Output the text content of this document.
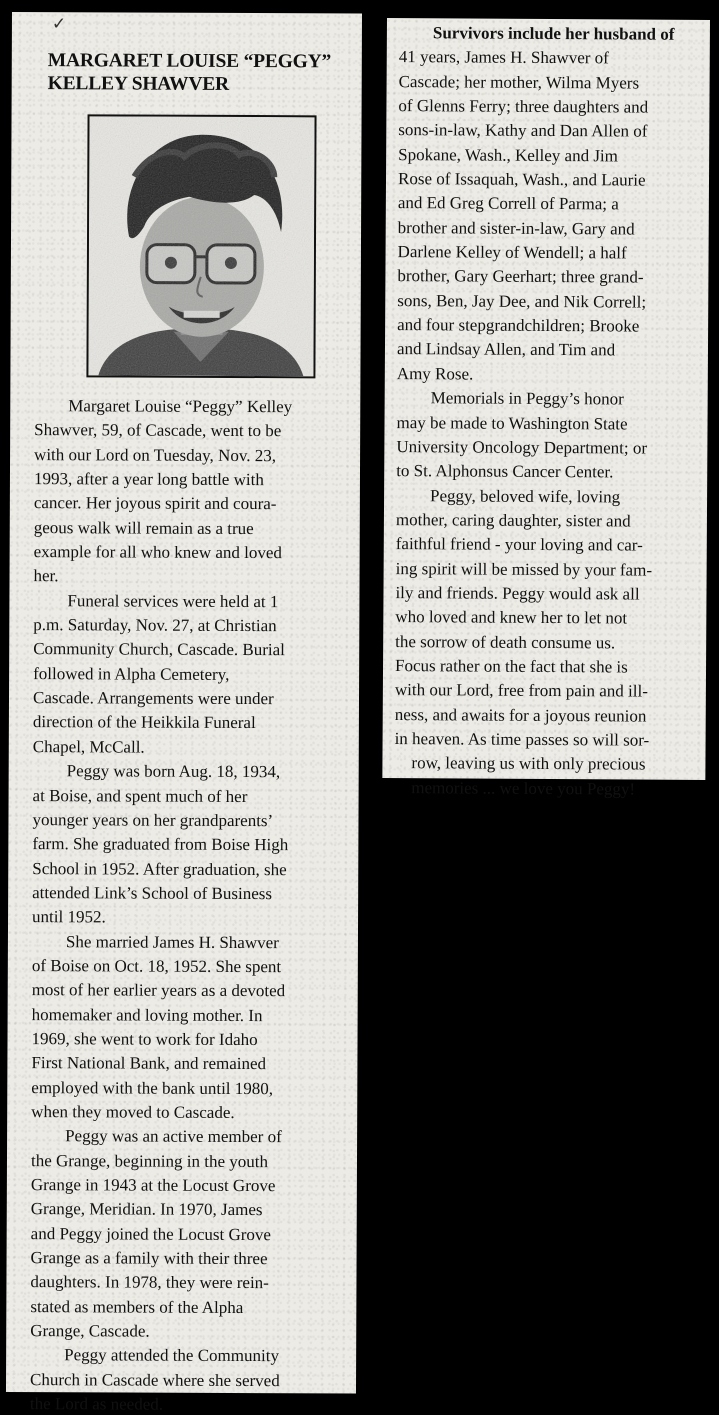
✓
MARGARET LOUISE “PEGGY”
KELLEY SHAWVER
  Margaret Louise “Peggy” Kelley
Shawver, 59, of Cascade, went to be
with our Lord on Tuesday, Nov. 23,
1993, after a year long battle with
cancer. Her joyous spirit and coura-
geous walk will remain as a true
example for all who knew and loved
her.
  Funeral services were held at 1
p.m. Saturday, Nov. 27, at Christian
Community Church, Cascade. Burial
followed in Alpha Cemetery,
Cascade. Arrangements were under
direction of the Heikkila Funeral
Chapel, McCall.
  Peggy was born Aug. 18, 1934,
at Boise, and spent much of her
younger years on her grandparents’
farm. She graduated from Boise High
School in 1952. After graduation, she
attended Link’s School of Business
until 1952.
  She married James H. Shawver
of Boise on Oct. 18, 1952. She spent
most of her earlier years as a devoted
homemaker and loving mother. In
1969, she went to work for Idaho
First National Bank, and remained
employed with the bank until 1980,
when they moved to Cascade.
  Peggy was an active member of
the Grange, beginning in the youth
Grange in 1943 at the Locust Grove
Grange, Meridian. In 1970, James
and Peggy joined the Locust Grove
Grange as a family with their three
daughters. In 1978, they were rein-
stated as members of the Alpha
Grange, Cascade.
  Peggy attended the Community
Church in Cascade where she served
the Lord as needed.
  Survivors include her husband of
41 years, James H. Shawver of
Cascade; her mother, Wilma Myers
of Glenns Ferry; three daughters and
sons-in-law, Kathy and Dan Allen of
Spokane, Wash., Kelley and Jim
Rose of Issaquah, Wash., and Laurie
and Ed Greg Correll of Parma; a
brother and sister-in-law, Gary and
Darlene Kelley of Wendell; a half
brother, Gary Geerhart; three grand-
sons, Ben, Jay Dee, and Nik Correll;
and four stepgrandchildren; Brooke
and Lindsay Allen, and Tim and
Amy Rose.
  Memorials in Peggy’s honor
may be made to Washington State
University Oncology Department; or
to St. Alphonsus Cancer Center.
  Peggy, beloved wife, loving
mother, caring daughter, sister and
faithful friend - your loving and car-
ing spirit will be missed by your fam-
ily and friends. Peggy would ask all
who loved and knew her to let not
the sorrow of death consume us.
Focus rather on the fact that she is
with our Lord, free from pain and ill-
ness, and awaits for a joyous reunion
in heaven. As time passes so will sor-
 row, leaving us with only precious
 memories ... we love you Peggy!
